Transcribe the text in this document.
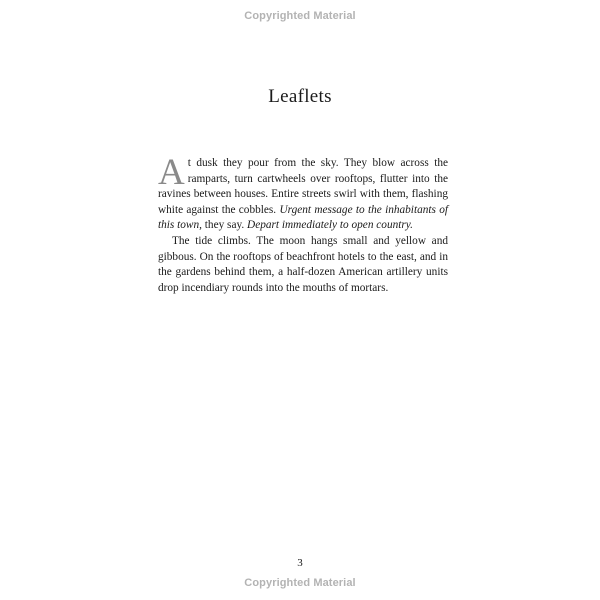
Copyrighted Material
Leaflets

At dusk they pour from the sky. They blow across the ramparts, turn cartwheels over rooftops, flutter into the ravines between houses. Entire streets swirl with them, flashing white against the cobbles. Urgent message to the inhabitants of this town, they say. Depart immediately to open country.

The tide climbs. The moon hangs small and yellow and gibbous. On the rooftops of beachfront hotels to the east, and in the gardens behind them, a half-dozen American artillery units drop incendiary rounds into the mouths of mortars.

3
Copyrighted Material
